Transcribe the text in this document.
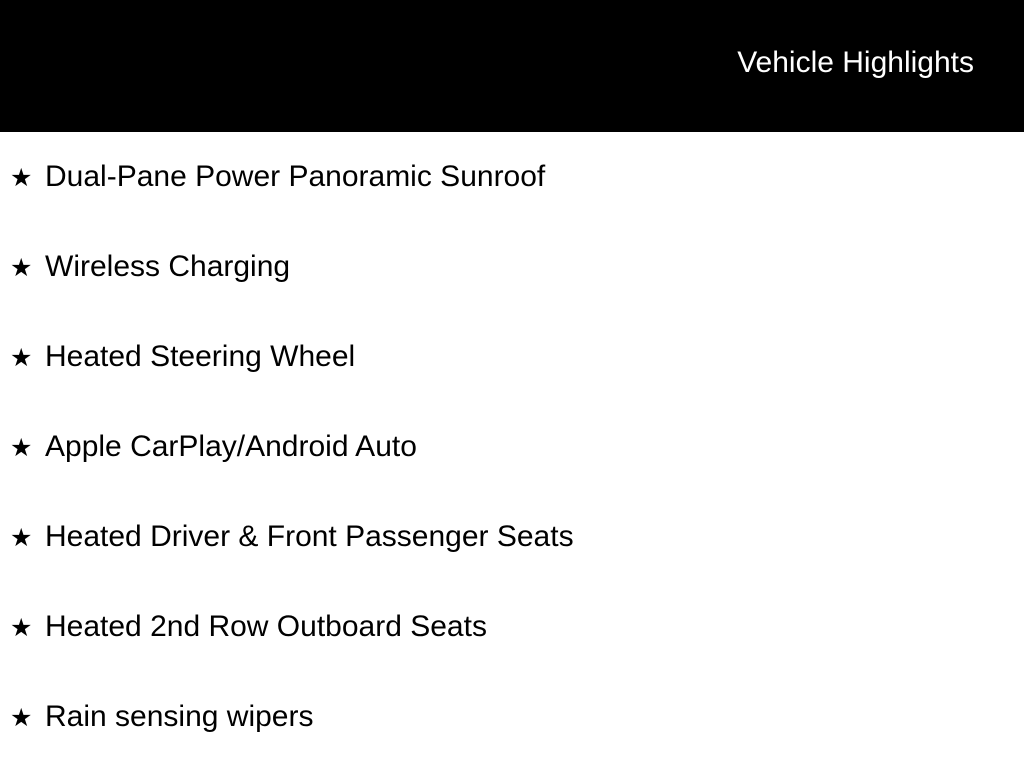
Vehicle Highlights
★ Dual-Pane Power Panoramic Sunroof
★ Wireless Charging
★ Heated Steering Wheel
★ Apple CarPlay/Android Auto
★ Heated Driver & Front Passenger Seats
★ Heated 2nd Row Outboard Seats
★ Rain sensing wipers
